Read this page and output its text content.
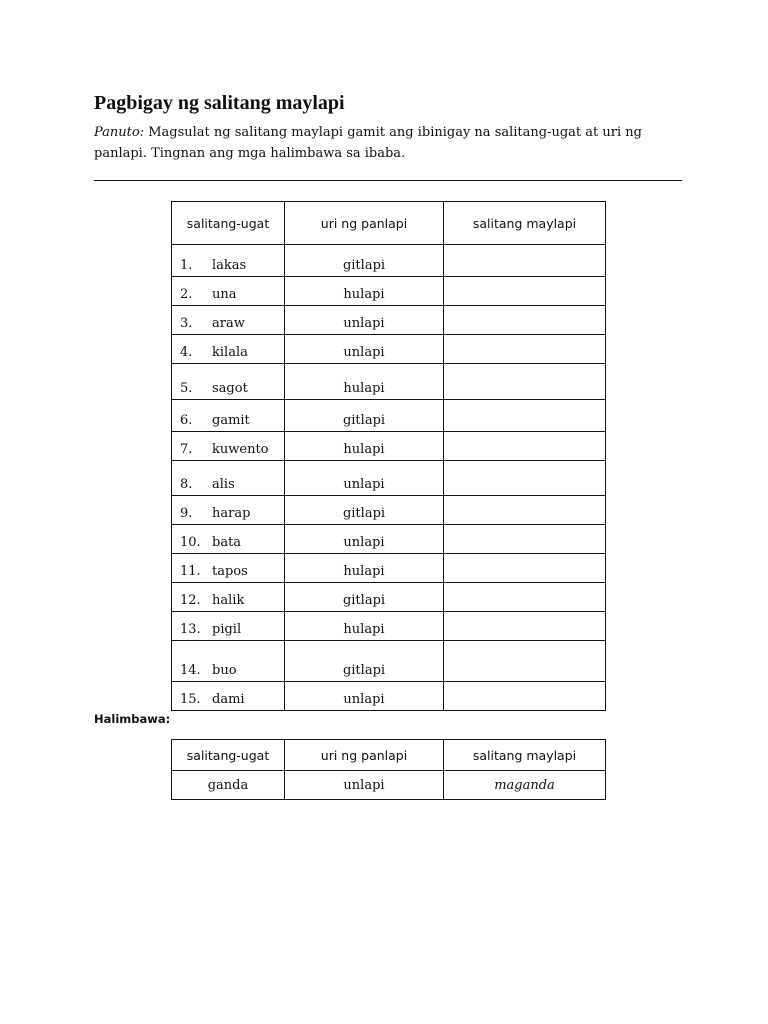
Pagbigay ng salitang maylapi
Panuto: Magsulat ng salitang maylapi gamit ang ibinigay na salitang-ugat at uri ng panlapi. Tingnan ang mga halimbawa sa ibaba.
salitang-ugat	uri ng panlapi	salitang maylapi
1. lakas	gitlapi	
2. una	hulapi	
3. araw	unlapi	
4. kilala	unlapi	
5. sagot	hulapi	
6. gamit	gitlapi	
7. kuwento	hulapi	
8. alis	unlapi	
9. harap	gitlapi	
10. bata	unlapi	
11. tapos	hulapi	
12. halik	gitlapi	
13. pigil	hulapi	
14. buo	gitlapi	
15. dami	unlapi	
Halimbawa:
salitang-ugat	uri ng panlapi	salitang maylapi
ganda	unlapi	maganda
